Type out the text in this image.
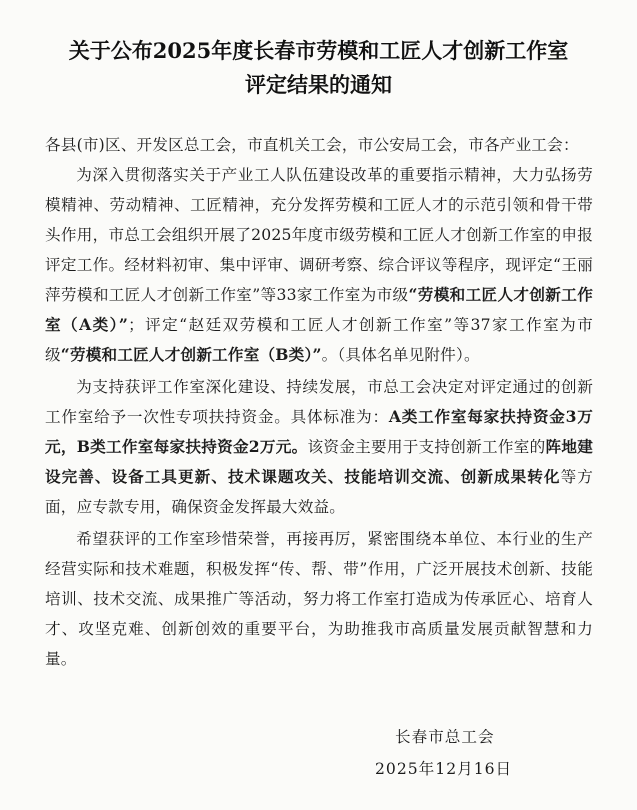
关于公布2025年度长春市劳模和工匠人才创新工作室
评定结果的通知

各县(市)区、开发区总工会，市直机关工会，市公安局工会，市各产业工会：

为深入贯彻落实关于产业工人队伍建设改革的重要指示精神，大力弘扬劳模精神、劳动精神、工匠精神，充分发挥劳模和工匠人才的示范引领和骨干带头作用，市总工会组织开展了2025年度市级劳模和工匠人才创新工作室的申报评定工作。经材料初审、集中评审、调研考察、综合评议等程序，现评定“王丽萍劳模和工匠人才创新工作室”等33家工作室为市级“劳模和工匠人才创新工作室（A类）”；评定“赵廷双劳模和工匠人才创新工作室”等37家工作室为市级“劳模和工匠人才创新工作室（B类）”。（具体名单见附件）。

为支持获评工作室深化建设、持续发展，市总工会决定对评定通过的创新工作室给予一次性专项扶持资金。具体标准为：A类工作室每家扶持资金3万元，B类工作室每家扶持资金2万元。该资金主要用于支持创新工作室的阵地建设完善、设备工具更新、技术课题攻关、技能培训交流、创新成果转化等方面，应专款专用，确保资金发挥最大效益。

希望获评的工作室珍惜荣誉，再接再厉，紧密围绕本单位、本行业的生产经营实际和技术难题，积极发挥“传、帮、带”作用，广泛开展技术创新、技能培训、技术交流、成果推广等活动，努力将工作室打造成为传承匠心、培育人才、攻坚克难、创新创效的重要平台，为助推我市高质量发展贡献智慧和力量。

长春市总工会
2025年12月16日
